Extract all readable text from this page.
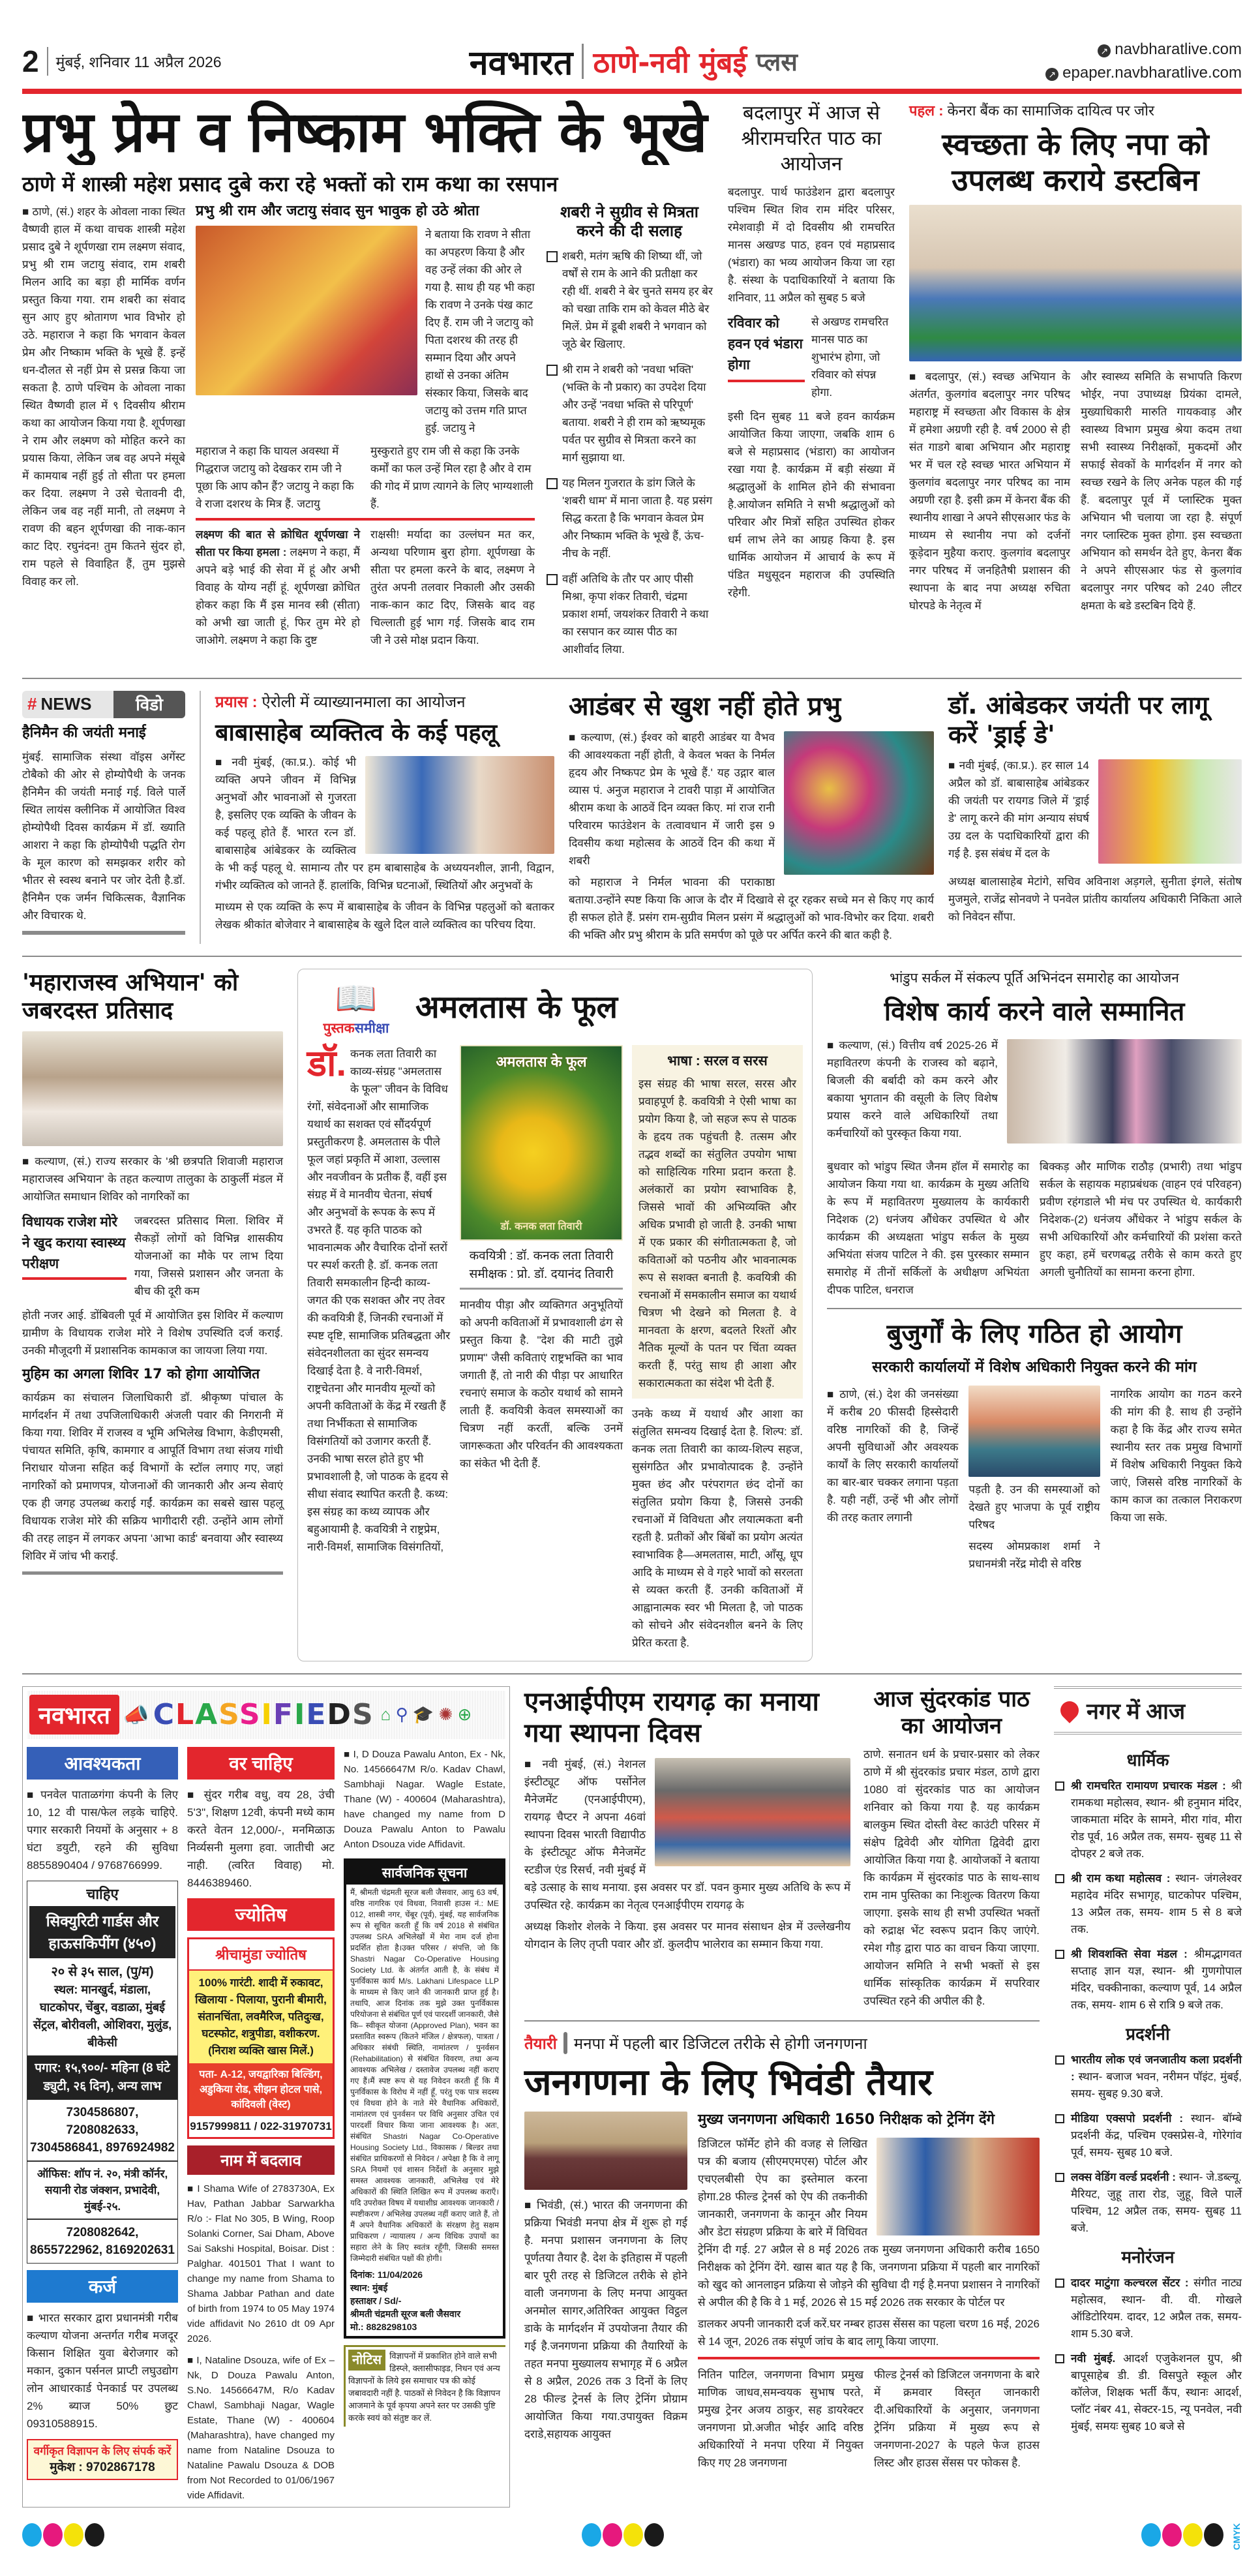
2 मुंबई, शनिवार 11 अप्रैल 2026	नवभारत ठाणे-नवी मुंबई प्लस	↗ navbharatlive.com
↗ epaper.navbharatlive.com
प्रभु प्रेम व निष्काम भक्ति के भूखे
ठाणे में शास्त्री महेश प्रसाद दुबे करा रहे भक्तों को राम कथा का रसपान
■ ठाणे, (सं.) शहर के ओवला नाका स्थित वैष्णवी हाल में कथा वाचक शास्त्री महेश प्रसाद दुबे ने शूर्पणखा राम लक्ष्मण संवाद, प्रभु श्री राम जटायु संवाद, राम शबरी मिलन आदि का बड़ा ही मार्मिक वर्णन प्रस्तुत किया गया. राम शबरी का संवाद सुन आए हुए श्रोतागण भाव विभोर हो उठे. महाराज ने कहा कि भगवान केवल प्रेम और निष्काम भक्ति के भूखे हैं. इन्हें धन-दौलत से नहीं प्रेम से प्रसन्न किया जा सकता है. ठाणे पश्चिम के ओवला नाका स्थित वैष्णवी हाल में ९ दिवसीय श्रीराम कथा का आयोजन किया गया है. शूर्पणखा ने राम और लक्ष्मण को मोहित करने का प्रयास किया, लेकिन जब वह अपने मंसूबे में कामयाब नहीं हुई तो सीता पर हमला कर दिया. लक्ष्मण ने उसे चेतावनी दी, लेकिन जब वह नहीं मानी, तो लक्ष्मण ने रावण की बहन शूर्पणखा की नाक-कान काट दिए. रघुनंदन! तुम कितने सुंदर हो, राम पहले से विवाहित हैं, तुम मुझसे विवाह कर लो.
प्रभु श्री राम और जटायु संवाद सुन भावुक हो उठे श्रोता
ने बताया कि रावण ने सीता का अपहरण किया है और वह उन्हें लंका की ओर ले गया है. साथ ही यह भी कहा कि रावण ने उनके पंख काट दिए हैं. राम जी ने जटायु को पिता दशरथ की तरह ही सम्मान दिया और अपने हाथों से उनका अंतिम संस्कार किया, जिसके बाद जटायु को उत्तम गति प्राप्त हुई. जटायु ने
महाराज ने कहा कि घायल अवस्था में गिद्धराज जटायु को देखकर राम जी ने पूछा कि आप कौन हैं? जटायु ने कहा कि वे राजा दशरथ के मित्र हैं. जटायु
मुस्कुराते हुए राम जी से कहा कि उनके कर्मों का फल उन्हें मिल रहा है और वे राम की गोद में प्राण त्यागने के लिए भाग्यशाली हैं.
लक्ष्मण की बात से क्रोधित शूर्पणखा ने सीता पर किया हमला : लक्ष्मण ने कहा, मैं अपने बड़े भाई की सेवा में हूं और अभी विवाह के योग्य नहीं हूं. शूर्पणखा क्रोधित होकर कहा कि मैं इस मानव स्त्री (सीता) को अभी खा जाती हूं, फिर तुम मेरे हो जाओगे. लक्ष्मण ने कहा कि दुष्ट
राक्षसी! मर्यादा का उल्लंघन मत कर, अन्यथा परिणाम बुरा होगा. शूर्पणखा के सीता पर हमला करने के बाद, लक्ष्मण ने तुरंत अपनी तलवार निकाली और उसकी नाक-कान काट दिए, जिसके बाद वह चिल्लाती हुई भाग गई. जिसके बाद राम जी ने उसे मोक्ष प्रदान किया.
शबरी ने सुग्रीव से मित्रता करने की दी सलाह
शबरी, मतंग ऋषि की शिष्या थीं, जो वर्षों से राम के आने की प्रतीक्षा कर रही थीं. शबरी ने बेर चुनते समय हर बेर को चखा ताकि राम को केवल मीठे बेर मिलें. प्रेम में डूबी शबरी ने भगवान को जूठे बेर खिलाए.
श्री राम ने शबरी को 'नवधा भक्ति' (भक्ति के नौ प्रकार) का उपदेश दिया और उन्हें 'नवधा भक्ति से परिपूर्ण' बताया. शबरी ने ही राम को ऋष्यमूक पर्वत पर सुग्रीव से मित्रता करने का मार्ग सुझाया था.
यह मिलन गुजरात के डांग जिले के 'शबरी धाम' में माना जाता है. यह प्रसंग सिद्ध करता है कि भगवान केवल प्रेम और निष्काम भक्ति के भूखे हैं, ऊंच-नीच के नहीं.
वहीं अतिथि के तौर पर आए पीसी मिश्रा, कृपा शंकर तिवारी, चंद्रमा प्रकाश शर्मा, जयशंकर तिवारी ने कथा का रसपान कर व्यास पीठ का आशीर्वाद लिया.
बदलापुर में आज से श्रीरामचरित पाठ का आयोजन
बदलापुर. पार्थ फाउंडेशन द्वारा बदलापुर पश्चिम स्थित शिव राम मंदिर परिसर, रमेशवाड़ी में दो दिवसीय श्री रामचरित मानस अखण्ड पाठ, हवन एवं महाप्रसाद (भंडारा) का भव्य आयोजन किया जा रहा है. संस्था के पदाधिकारियों ने बताया कि शनिवार, 11 अप्रैल को सुबह 5 बजे
रविवार को हवन एवं भंडारा होगा
से अखण्ड रामचरित मानस पाठ का शुभारंभ होगा, जो रविवार को संपन्न होगा.
इसी दिन सुबह 11 बजे हवन कार्यक्रम आयोजित किया जाएगा, जबकि शाम 6 बजे से महाप्रसाद (भंडारा) का आयोजन रखा गया है. कार्यक्रम में बड़ी संख्या में श्रद्धालुओं के शामिल होने की संभावना है.आयोजन समिति ने सभी श्रद्धालुओं को परिवार और मित्रों सहित उपस्थित होकर धर्म लाभ लेने का आग्रह किया है. इस धार्मिक आयोजन में आचार्य के रूप में पंडित मधुसूदन महाराज की उपस्थिति रहेगी.
पहल : केनरा बैंक का सामाजिक दायित्व पर जोर
स्वच्छता के लिए नपा को उपलब्ध कराये डस्टबिन
■ बदलापुर, (सं.) स्वच्छ अभियान के अंतर्गत, कुलगांव बदलापुर नगर परिषद महाराष्ट्र में स्वच्छता और विकास के क्षेत्र में हमेशा अग्रणी रही है. वर्ष 2000 से ही संत गाडगे बाबा अभियान और महाराष्ट्र भर में चल रहे स्वच्छ भारत अभियान में कुलगांव बदलापुर नगर परिषद का नाम अग्रणी रहा है. इसी क्रम में केनरा बैंक की स्थानीय शाखा ने अपने सीएसआर फंड के माध्यम से स्थानीय नपा को दर्जनों कूड़ेदान मुहैया कराए. कुलगांव बदलापुर नगर परिषद में जनहितैषी प्रशासन की स्थापना के बाद नपा अध्यक्ष रुचिता घोरपडे के नेतृत्व में
और स्वास्थ्य समिति के सभापति किरण भोईर, नपा उपाध्यक्ष प्रियंका दामले, मुख्याधिकारी मारुति गायकवाड़ और स्वास्थ्य विभाग प्रमुख श्रेया कदम तथा सभी स्वास्थ्य निरीक्षकों, मुकदमों और सफाई सेवकों के मार्गदर्शन में नगर को स्वच्छ रखने के लिए अनेक पहल की गई हैं. बदलापुर पूर्व में प्लास्टिक मुक्त अभियान भी चलाया जा रहा है. संपूर्ण नगर प्लास्टिक मुक्त होगा. इस स्वच्छता अभियान को समर्थन देते हुए, केनरा बैंक ने अपने सीएसआर फंड से कुलगांव बदलापुर नगर परिषद को 240 लीटर क्षमता के बडे डस्टबिन दिये हैं.
# NEWS	विडो
हैनिमैन की जयंती मनाई
मुंबई. सामाजिक संस्था वॉइस अगेंस्ट टोबैको की ओर से होम्योपैथी के जनक हैनिमैन की जयंती मनाई गई. विले पार्ले स्थित लायंस क्लीनिक में आयोजित विश्व होम्योपैथी दिवस कार्यक्रम में डॉ. ख्याति आशरा ने कहा कि होम्योपैथी पद्धति रोग के मूल कारण को समझकर शरीर को भीतर से स्वस्थ बनाने पर जोर देती है.डॉ. हैनिमैन एक जर्मन चिकित्सक, वैज्ञानिक और विचारक थे.
प्रयास : ऐरोली में व्याख्यानमाला का आयोजन
बाबासाहेब व्यक्तित्व के कई पहलू
■ नवी मुंबई, (का.प्र.). कोई भी व्यक्ति अपने जीवन में विभिन्न अनुभवों और भावनाओं से गुजरता है, इसलिए एक व्यक्ति के जीवन के कई पहलू होते हैं. भारत रत्न डॉ. बाबासाहेब आंबेडकर के व्यक्तित्व के भी कई पहलू थे. सामान्य तौर पर हम बाबासाहेब के अध्ययनशील, ज्ञानी, विद्वान, गंभीर व्यक्तित्व को जानते हैं. हालांकि, विभिन्न घटनाओं, स्थितियों और अनुभवों के
माध्यम से एक व्यक्ति के रूप में बाबासाहेब के जीवन के विभिन्न पहलुओं को बताकर लेखक श्रीकांत बोजेवार ने बाबासाहेब के खुले दिल वाले व्यक्तित्व का परिचय दिया.
आडंबर से खुश नहीं होते प्रभु
■ कल्याण, (सं.) ईश्वर को बाहरी आडंबर या वैभव की आवश्यकता नहीं होती, वे केवल भक्त के निर्मल हृदय और निष्कपट प्रेम के भूखे हैं.' यह उद्गार बाल व्यास पं. अनुज महाराज ने टावरी पाड़ा में आयोजित श्रीराम कथा के आठवें दिन व्यक्त किए. मां राज रानी परिवारम फाउंडेशन के तत्वावधान में जारी इस 9 दिवसीय कथा महोत्सव के आठवें दिन की कथा में शबरी
को महाराज ने निर्मल भावना की पराकाष्ठा बताया.उन्होंने स्पष्ट किया कि आज के दौर में दिखावे से दूर रहकर सच्चे मन से किए गए कार्य ही सफल होते हैं. प्रसंग राम-सुग्रीव मिलन प्रसंग में श्रद्धालुओं को भाव-विभोर कर दिया. शबरी की भक्ति और प्रभु श्रीराम के प्रति समर्पण को पूछे पर अर्पित करने की बात कही है.
डॉ. आंबेडकर जयंती पर लागू करें 'ड्राई डे'
■ नवी मुंबई, (का.प्र.). हर साल 14 अप्रैल को डॉ. बाबासाहेब आंबेडकर की जयंती पर रायगड जिले में 'ड्राई डे' लागू करने की मांग अन्याय संघर्ष उग्र दल के पदाधिकारियों द्वारा की गई है. इस संबंध में दल के
अध्यक्ष बालासाहेब मेटांगे, सचिव अविनाश अड़गले, सुनीता इंगले, संतोष मुजमुले, राजेंद्र सोनवणे ने पनवेल प्रांतीय कार्यालय अधिकारी निकिता आले को निवेदन सौंपा.
'महाराजस्व अभियान' को जबरदस्त प्रतिसाद
■ कल्याण, (सं.) राज्य सरकार के 'श्री छत्रपति शिवाजी महाराज महाराजस्व अभियान' के तहत कल्याण तालुका के ठाकुर्ली मंडल में आयोजित समाधान शिविर को नागरिकों का
विधायक राजेश मोरे ने खुद कराया स्वास्थ्य परीक्षण
जबरदस्त प्रतिसाद मिला. शिविर में सैकड़ों लोगों को विभिन्न शासकीय योजनाओं का मौके पर लाभ दिया गया, जिससे प्रशासन और जनता के बीच की दूरी कम
होती नजर आई. डोंबिवली पूर्व में आयोजित इस शिविर में कल्याण ग्रामीण के विधायक राजेश मोरे ने विशेष उपस्थिति दर्ज कराई. उनकी मौजूदगी में प्रशासनिक कामकाज का जायजा लिया गया.
मुहिम का अगला शिविर 17 को होगा आयोजित
कार्यक्रम का संचालन जिलाधिकारी डॉ. श्रीकृष्ण पांचाल के मार्गदर्शन में तथा उपजिलाधिकारी अंजली पवार की निगरानी में किया गया. शिविर में राजस्व व भूमि अभिलेख विभाग, केडीएमसी, पंचायत समिति, कृषि, कामगार व आपूर्ति विभाग तथा संजय गांधी निराधार योजना सहित कई विभागों के स्टॉल लगाए गए, जहां नागरिकों को प्रमाणपत्र, योजनाओं की जानकारी और अन्य सेवाएं एक ही जगह उपलब्ध कराई गईं. कार्यक्रम का सबसे खास पहलू विधायक राजेश मोरे की सक्रिय भागीदारी रही. उन्होंने आम लोगों की तरह लाइन में लगकर अपना 'आभा कार्ड' बनवाया और स्वास्थ्य शिविर में जांच भी कराई.
📖
पुस्तकसमीक्षा
अमलतास के फूल
डॉ. कनक लता तिवारी का काव्य-संग्रह "अमलतास के फूल" जीवन के विविध रंगों, संवेदनाओं और सामाजिक यथार्थ का सशक्त एवं सौंदर्यपूर्ण प्रस्तुतीकरण है. अमलतास के पीले फूल जहां प्रकृति में आशा, उल्लास और नवजीवन के प्रतीक हैं, वहीं इस संग्रह में वे मानवीय चेतना, संघर्ष और अनुभवों के रूपक के रूप में उभरते हैं. यह कृति पाठक को भावनात्मक और वैचारिक दोनों स्तरों पर स्पर्श करती है. डॉ. कनक लता तिवारी समकालीन हिन्दी काव्य-जगत की एक सशक्त और नए तेवर की कवयित्री हैं, जिनकी रचनाओं में स्पष्ट दृष्टि, सामाजिक प्रतिबद्धता और संवेदनशीलता का सुंदर समन्वय दिखाई देता है. वे नारी-विमर्श, राष्ट्रचेतना और मानवीय मूल्यों को अपनी कविताओं के केंद्र में रखती हैं तथा निर्भीकता से सामाजिक विसंगतियों को उजागर करती हैं. उनकी भाषा सरल होते हुए भी प्रभावशाली है, जो पाठक के हृदय से सीधा संवाद स्थापित करती है. कथ्य: इस संग्रह का कथ्य व्यापक और बहुआयामी है. कवयित्री ने राष्ट्रप्रेम, नारी-विमर्श, सामाजिक विसंगतियों,
अमलतास के फूल
डॉ. कनक लता तिवारी
कवयित्री : डॉ. कनक लता तिवारी
समीक्षक : प्रो. डॉ. दयानंद तिवारी
मानवीय पीड़ा और व्यक्तिगत अनुभूतियों को अपनी कविताओं में प्रभावशाली ढंग से प्रस्तुत किया है. "देश की माटी तुझे प्रणाम" जैसी कविताएं राष्ट्रभक्ति का भाव जगाती हैं, तो नारी की पीड़ा पर आधारित रचनाएं समाज के कठोर यथार्थ को सामने लाती हैं. कवयित्री केवल समस्याओं का चित्रण नहीं करतीं, बल्कि उनमें जागरूकता और परिवर्तन की आवश्यकता का संकेत भी देती हैं.
भाषा : सरल व सरस
इस संग्रह की भाषा सरल, सरस और प्रवाहपूर्ण है. कवयित्री ने ऐसी भाषा का प्रयोग किया है, जो सहज रूप से पाठक के हृदय तक पहुंचती है. तत्सम और तद्भव शब्दों का संतुलित उपयोग भाषा को साहित्यिक गरिमा प्रदान करता है. अलंकारों का प्रयोग स्वाभाविक है, जिससे भावों की अभिव्यक्ति और अधिक प्रभावी हो जाती है. उनकी भाषा में एक प्रकार की संगीतात्मकता है, जो कविताओं को पठनीय और भावनात्मक रूप से सशक्त बनाती है. कवयित्री की रचनाओं में समकालीन समाज का यथार्थ चित्रण भी देखने को मिलता है. वे मानवता के क्षरण, बदलते रिश्तों और नैतिक मूल्यों के पतन पर चिंता व्यक्त करती हैं, परंतु साथ ही आशा और सकारात्मकता का संदेश भी देती हैं.
उनके कथ्य में यथार्थ और आशा का संतुलित समन्वय दिखाई देता है. शिल्प: डॉ. कनक लता तिवारी का काव्य-शिल्प सहज, सुसंगठित और प्रभावोत्पादक है. उन्होंने मुक्त छंद और परंपरागत छंद दोनों का संतुलित प्रयोग किया है, जिससे उनकी रचनाओं में विविधता और लयात्मकता बनी रहती है. प्रतीकों और बिंबों का प्रयोग अत्यंत स्वाभाविक है—अमलतास, माटी, आँसू, धूप आदि के माध्यम से वे गहरे भावों को सरलता से व्यक्त करती हैं. उनकी कविताओं में आह्वानात्मक स्वर भी मिलता है, जो पाठक को सोचने और संवेदनशील बनने के लिए प्रेरित करता है.
भांडुप सर्कल में संकल्प पूर्ति अभिनंदन समारोह का आयोजन
विशेष कार्य करने वाले सम्मानित
■ कल्याण, (सं.) वित्तीय वर्ष 2025-26 में महावितरण कंपनी के राजस्व को बढ़ाने, बिजली की बर्बादी को कम करने और बकाया भुगतान की वसूली के लिए विशेष प्रयास करने वाले अधिकारियों तथा कर्मचारियों को पुरस्कृत किया गया.
बुधवार को भांडुप स्थित जैनम हॉल में समारोह का आयोजन किया गया था. कार्यक्रम के मुख्य अतिथि के रूप में महावितरण मुख्यालय के कार्यकारी निदेशक (2) धनंजय औंधेकर उपस्थित थे और कार्यक्रम की अध्यक्षता भांडुप सर्कल के मुख्य अभियंता संजय पाटिल ने की. इस पुरस्कार सम्मान समारोह में तीनों सर्किलों के अधीक्षण अभियंता दीपक पाटिल, धनराज
बिक्कड़ और माणिक राठौड़ (प्रभारी) तथा भांडुप सर्कल के सहायक महाप्रबंधक (वाहन एवं परिवहन) प्रवीण रहंगडाले भी मंच पर उपस्थित थे. कार्यकारी निदेशक-(2) धनंजय औंधेकर ने भांडुप सर्कल के सभी अधिकारियों और कर्मचारियों की प्रशंसा करते हुए कहा, हमें चरणबद्ध तरीके से काम करते हुए अगली चुनौतियों का सामना करना होगा.
बुजुर्गों के लिए गठित हो आयोग
सरकारी कार्यालयों में विशेष अधिकारी नियुक्त करने की मांग
■ ठाणे, (सं.) देश की जनसंख्या में करीब 20 फीसदी हिस्सेदारी वरिष्ठ नागरिकों की है, जिन्हें अपनी सुविधाओं और अवश्यक कार्यों के लिए सरकारी कार्यालयों का बार-बार चक्कर लगाना पड़ता है. यही नहीं, उन्हें भी और लोगों की तरह कतार लगानी
पड़ती है. उन की समस्याओं को देखते हुए भाजपा के पूर्व राष्ट्रीय परिषद
सदस्य ओमप्रकाश शर्मा ने प्रधानमंत्री नरेंद्र मोदी से वरिष्ठ
नागरिक आयोग का गठन करने की मांग की है. साथ ही उन्होंने कहा है कि केंद्र और राज्य समेत स्थानीय स्तर तक प्रमुख विभागों में विशेष अधिकारी नियुक्त किये जाएं, जिससे वरिष्ठ नागरिकों के काम काज का तत्काल निराकरण किया जा सके.
नवभारत 📣 CLASSIFIEDS ⌂ ⚲ 🎓 ✺ ⊕
आवश्यकता
■ पनवेल पाताळगंगा कंपनी के लिए 10, 12 वी पास/फेल लड़के चाहिऐ. पगार सरकारी नियमों के अनुसार + 8 घंटा डयुटी, रहने की सुविधा 8855890404 / 9768766999.
चाहिए
सिक्युरिटी गार्डस और हाऊसकिपींग (४५०)
२० से ३५ साल, (पु/म)
स्थल: मानखुर्द, मंडाला, घाटकोपर, चेंबुर, वडाळा, मुंबई सेंट्रल, बोरीवली, ओशिवरा, मुलुंड, बीकेसी
पगार: १५,९००/- महिना (8 घंटे ड्युटी, २६ दिन), अन्य लाभ
7304586807, 7208082633, 7304586841, 8976924982
ऑफिस: शॉप नं. २०, मंत्री कॉर्नर, सयानी रोड जंक्शन, प्रभादेवी, मुंबई-२५.
7208082642, 8655722962, 8169202631
कर्ज
■ भारत सरकार द्वारा प्रधानमंत्री गरीब कल्याण योजना अन्तर्गत गरीब मजदूर किसान शिक्षित युवा बेरोजगार को मकान, दुकान पर्सनल प्राप्टी लघुउद्योग लोन आधारकार्ड पेनकार्ड पर उपलब्ध 2% ब्याज 50% छुट 09310588915.
वर्गीकृत विज्ञापन के लिए संपर्क करें
मुकेश : 9702867178
वर चाहिए
■ सुंदर गरीब वधु, वय 28, उंची 5'3", शिक्षण 12वी, कंपनी मध्ये काम करते वेतन 12,000/-, मनमिळाऊ निर्व्यसनी मुलगा हवा. जातीची अट नाही. (त्वरित विवाह) मो. 8446389460.
ज्योतिष
श्रीचामुंडा ज्योतिष
100% गारंटी. शादी में रुकावट, खिलाया - पिलाया, पुरानी बीमारी, संतानचिंता, लवमैरिज, पतिदुःख, घटस्फोट, शत्रुपीडा, वशीकरण. (निराश व्यक्ति खास मिलें.)
पता- A-12, जयद्वारिका बिल्डिंग, अडुकिया रोड, सीझन होटल पासे, कांदिवली (वेस्ट)
9157999811 / 022-31970731
नाम में बदलाव
■ I Shama Wife of 2783730A, Ex Hav, Pathan Jabbar Sarwarkha R/o :- Flat No 305, B Wing, Roop Solanki Corner, Sai Dham, Above Sai Sakshi Hospital, Boisar. Dist : Palghar. 401501 That I want to change my name from Shama to Shama Jabbar Pathan and date of birth from 1974 to 05 May 1974 vide affidavit No 2610 dt 09 Apr 2026.
■ I, Nataline Dsouza, wife of Ex – Nk, D Douza Pawalu Anton, S.No. 14566647M, R/o Kadav Chawl, Sambhaji Nagar, Wagle Estate, Thane (W) - 400604 (Maharashtra), have changed my name from Nataline Dsouza to Nataline Pawalu Dsouza & DOB from Not Recorded to 01/06/1967 vide Affidavit.
■ I, D Douza Pawalu Anton, Ex - Nk, No. 14566647M R/o. Kadav Chawl, Sambhaji Nagar. Wagle Estate, Thane (W) - 400604 (Maharashtra), have changed my name from D Douza Pawalu Anton to Pawalu Anton Dsouza vide Affidavit.
सार्वजनिक सूचना
मैं, श्रीमती चंद्रमती सूरज बली जैसवार, आयु 63 वर्ष, वरिष्ठ नागरिक एवं विधवा, निवासी हाउस नं.: ME 012, शास्त्री नगर, चेंबूर (पूर्व), मुंबई, यह सार्वजनिक रूप से सूचित करती हूँ कि वर्ष 2018 से संबंधित उपलब्ध SRA अभिलेखों में मेरा नाम दर्ज होना प्रदर्शित होता है।उक्त परिसर / संपत्ति, जो कि Shastri Nagar Co-Operative Housing Society Ltd. के अंतर्गत आती है, के संबंध में पुनर्विकास कार्य M/s. Lakhani Lifespace LLP के माध्यम से किए जाने की जानकारी प्राप्त हुई है।तथापि, आज दिनांक तक मुझे उक्त पुनर्विकास परियोजना से संबंधित पूर्ण एवं पारदर्शी जानकारी, जैसे कि– स्वीकृत योजना (Approved Plan), भवन का प्रस्तावित स्वरूप (कितने मंजिल / क्षेत्रफल), पात्रता / अधिकार संबंधी स्थिति, नामांतरण / पुनर्वसन (Rehabilitation) से संबंधित विवरण, तथा अन्य आवश्यक अभिलेख / दस्तावेज उपलब्ध नहीं कराए गए हैं।मैं स्पष्ट रूप से यह निवेदन करती हूँ कि मैं पुनर्विकास के विरोध में नहीं हूँ, परंतु एक पात्र सदस्य एवं विधवा होने के नाते मेरे वैधानिक अधिकारों, नामांतरण एवं पुनर्वसन पर विधि अनुसार उचित एवं पारदर्शी विचार किया जाना आवश्यक है। अतः, संबंधित Shastri Nagar Co-Operative Housing Society Ltd., विकासक / बिल्डर तथा संबंधित प्राधिकरणों से निवेदन / अपेक्षा है कि वे लागू SRA नियमों एवं शासन निर्देशों के अनुसार मुझे समस्त आवश्यक जानकारी, अभिलेख एवं मेरे अधिकारों की स्थिति लिखित रूप में उपलब्ध कराएँ।यदि उपरोक्त विषय में यथाशीघ्र आवश्यक जानकारी / स्पष्टीकरण / अभिलेख उपलब्ध नहीं कराए जाते हैं, तो मैं अपने वैधानिक अधिकारों के संरक्षण हेतु सक्षम प्राधिकरण / न्यायालय / अन्य विधिक उपायों का सहारा लेने के लिए स्वतंत्र रहूँगी, जिसकी समस्त जिम्मेदारी संबंधित पक्षों की होगी।
दिनांक: 11/04/2026
स्थान: मुंबई
हस्ताक्षर / Sd/-
श्रीमती चंद्रमती सूरज बली जैसवार
मो.: 8828298103
नोटिस विज्ञापनों में प्रकाशित होने वाले सभी डिस्प्ले, क्लासीफाइड, निधन एवं अन्य विज्ञापनों के लिये इस समाचार पत्र की कोई जबावदारी नहीं है. पाठकों से निवेदन है कि विज्ञापन आजमाने के पूर्व कृपया अपने स्तर पर उसकी पुष्टि करके स्वयं को संतुष्ट कर लें.
एनआईपीएम रायगढ़ का मनाया गया स्थापना दिवस
■ नवी मुंबई, (सं.) नेशनल इंस्टीट्यूट ऑफ पर्सोनेल मैनेजमेंट (एनआईपीएम), रायगढ़ चैप्टर ने अपना 46वां स्थापना दिवस भारती विद्यापीठ के इंस्टीट्यूट ऑफ मैनेजमेंट स्टडीज एंड रिसर्च, नवी मुंबई में बड़े उत्साह के साथ मनाया. इस अवसर पर डॉ. पवन कुमार मुख्य अतिथि के रूप में उपस्थित रहे. कार्यक्रम का नेतृत्व एनआईपीएम रायगढ़ के
अध्यक्ष किशोर शेलके ने किया. इस अवसर पर मानव संसाधन क्षेत्र में उल्लेखनीय योगदान के लिए तृप्ती पवार और डॉ. कुलदीप भालेराव का सम्मान किया गया.
आज सुंदरकांड पाठ का आयोजन
ठाणे. सनातन धर्म के प्रचार-प्रसार को लेकर ठाणे में श्री सुंदरकांड प्रचार मंडल, ठाणे द्वारा 1080 वां सुंदरकांड पाठ का आयोजन शनिवार को किया गया है. यह कार्यक्रम बालकुम स्थित दोस्ती वेस्ट काउंटी परिसर में संक्षेप द्विवेदी और योगिता द्विवेदी द्वारा आयोजित किया गया है. आयोजकों ने बताया कि कार्यक्रम में सुंदरकांड पाठ के साथ-साथ राम नाम पुस्तिका का निःशुल्क वितरण किया जाएगा. इसके साथ ही सभी उपस्थित भक्तों को रुद्राक्ष भेंट स्वरूप प्रदान किए जाएंगे. रमेश गौड़ द्वारा पाठ का वाचन किया जाएगा. आयोजन समिति ने सभी भक्तों से इस धार्मिक सांस्कृतिक कार्यक्रम में सपरिवार उपस्थित रहने की अपील की है.
तैयारी मनपा में पहली बार डिजिटल तरीके से होगी जनगणना
जनगणना के लिए भिवंडी तैयार
■ भिवंडी, (सं.) भारत की जनगणना की प्रक्रिया भिवंडी मनपा क्षेत्र में शुरू हो गई है. मनपा प्रशासन जनगणना के लिए पूर्णतया तैयार है. देश के इतिहास में पहली बार पूरी तरह से डिजिटल तरीके से होने वाली जनगणना के लिए मनपा आयुक्त अनमोल सागर,अतिरिक्त आयुक्त विट्ठल डाके के मार्गदर्शन में उपयोजना तैयार की गई है.जनगणना प्रक्रिया की तैयारियों के तहत मनपा मुख्यालय सभागृह में 6 अप्रैल से 8 अप्रैल, 2026 तक 3 दिनों के लिए 28 फील्ड ट्रेनर्स के लिए ट्रेनिंग प्रोग्राम आयोजित किया गया.उपायुक्त विक्रम दराडे,सहायक आयुक्त
मुख्य जनगणना अधिकारी 1650 निरीक्षक को ट्रेनिंग देंगे
डिजिटल फॉर्मेट होने की वजह से लिखित पत्र की बजाय (सीएमएमएस) पोर्टल और एचएलबीसी ऐप का इस्तेमाल करना होगा.28 फील्ड ट्रेनर्स को ऐप की तकनीकी जानकारी, जनगणना के कानून और नियम और डेटा संग्रहण प्रक्रिया के बारे में विधिवत ट्रेनिंग दी गई. 27 अप्रैल से 8 मई 2026 तक मुख्य जनगणना अधिकारी करीब 1650 निरीक्षक को ट्रेनिंग देंगे. खास बात यह है कि, जनगणना प्रक्रिया में पहली बार नागरिकों को खुद को आनलाइन प्रक्रिया से जोड़ने की सुविधा दी गई है.मनपा प्रशासन ने नागरिकों से अपील की है कि वे 1 मई, 2026 से 15 मई 2026 तक सरकार के पोर्टल पर
डालकर अपनी जानकारी दर्ज करें.घर नम्बर हाउस सेंसस का पहला चरण 16 मई, 2026 से 14 जून, 2026 तक संपूर्ण जांच के बाद लागू किया जाएगा.
नितिन पाटिल, जनगणना विभाग प्रमुख माणिक जाधव,समन्वयक सुभाष परते, प्रमुख ट्रेनर अजय ठाकुर, सह डायरेक्टर जनगणना प्रो.अजीत भोईर आदि वरिष्ठ अधिकारियों ने मनपा एरिया में नियुक्त किए गए 28 जनगणना
फील्ड ट्रेनर्स को डिजिटल जनगणना के बारे में क्रमवार विस्तृत जानकारी दी.अधिकारियों के अनुसार, जनगणना ट्रेनिंग प्रक्रिया में मुख्य रूप से जनगणना-2027 के पहले फेज हाउस लिस्ट और हाउस सेंसस पर फोकस है.
नगर में आज
धार्मिक
श्री रामचरित रामायण प्रचारक मंडल : श्री रामकथा महोत्सव, स्थान- श्री हनुमान मंदिर, जाकमाता मंदिर के सामने, मीरा गांव, मीरा रोड पूर्व, 16 अप्रैल तक, समय- सुबह 11 से दोपहर 2 बजे तक.
श्री राम कथा महोत्सव : स्थान- जंगलेश्वर महादेव मंदिर सभागृह, घाटकोपर पश्चिम, 13 अप्रैल तक, समय- शाम 5 से 8 बजे तक.
श्री शिवशक्ति सेवा मंडल : श्रीमद्भागवत सप्ताह ज्ञान यज्ञ, स्थान- श्री गुणगोपाल मंदिर, चक्कीनाका, कल्याण पूर्व, 14 अप्रैल तक, समय- शाम 6 से रात्रि 9 बजे तक.
प्रदर्शनी
भारतीय लोक एवं जनजातीय कला प्रदर्शनी : स्थान- बजाज भवन, नरीमन पॉइंट, मुंबई, समय- सुबह 9.30 बजे.
मीडिया एक्सपो प्रदर्शनी : स्थान- बॉम्बे प्रदर्शनी केंद्र, पश्चिम एक्सप्रेस-वे, गोरेगांव पूर्व, समय- सुबह 10 बजे.
लक्स वेडिंग वर्ल्ड प्रदर्शनी : स्थान- जे.डब्ल्यू. मैरियट, जुहू तारा रोड, जुहू, विले पार्ले पश्चिम, 12 अप्रैल तक, समय- सुबह 11 बजे.
मनोरंजन
दादर माटुंगा कल्चरल सेंटर : संगीत नाट्य महोत्सव, स्थान- वी. वी. गोखले ऑडिटोरियम. दादर, 12 अप्रैल तक, समय- शाम 5.30 बजे.
नवी मुंबई. आदर्श एजुकेशनल ग्रुप, श्री बापूसाहेब डी. डी. विसपुते स्कूल और कॉलेज, शिक्षक भर्ती कैंप, स्थानः आदर्श, प्लॉट नंबर 41, सेक्टर-15, न्यू पनवेल, नवी मुंबई, समयः सुबह 10 बजे से
CMYK
